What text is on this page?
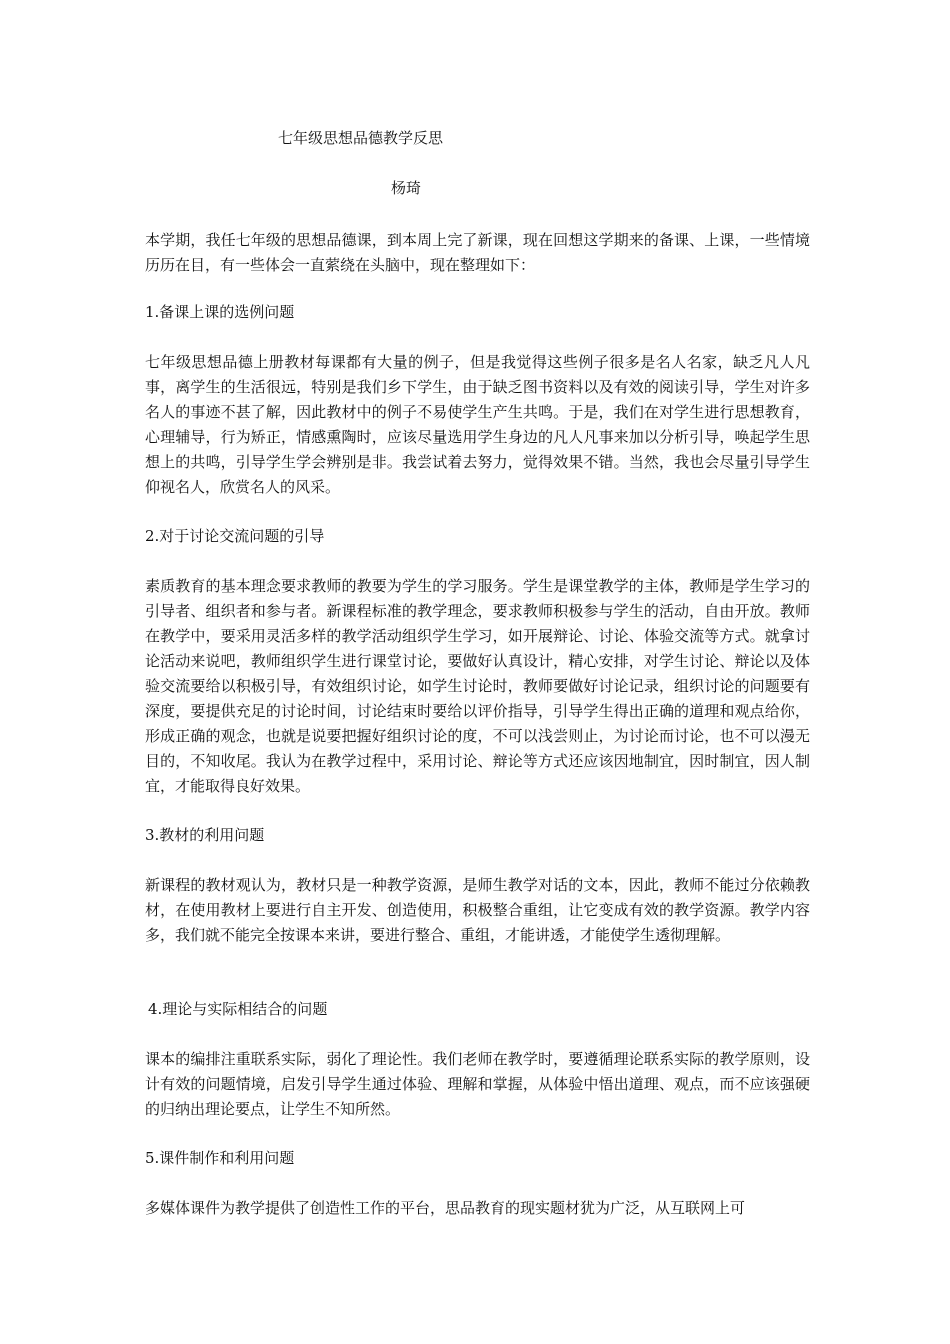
七年级思想品德教学反思
杨琦

本学期，我任七年级的思想品德课，到本周上完了新课，现在回想这学期来的备课、上课，一些情境历历在目，有一些体会一直萦绕在头脑中，现在整理如下：

1.备课上课的选例问题

七年级思想品德上册教材每课都有大量的例子，但是我觉得这些例子很多是名人名家，缺乏凡人凡事，离学生的生活很远，特别是我们乡下学生，由于缺乏图书资料以及有效的阅读引导，学生对许多名人的事迹不甚了解，因此教材中的例子不易使学生产生共鸣。于是，我们在对学生进行思想教育，心理辅导，行为矫正，情感熏陶时，应该尽量选用学生身边的凡人凡事来加以分析引导，唤起学生思想上的共鸣，引导学生学会辨别是非。我尝试着去努力，觉得效果不错。当然，我也会尽量引导学生仰视名人，欣赏名人的风采。

2.对于讨论交流问题的引导

素质教育的基本理念要求教师的教要为学生的学习服务。学生是课堂教学的主体，教师是学生学习的引导者、组织者和参与者。新课程标准的教学理念，要求教师积极参与学生的活动，自由开放。教师在教学中，要采用灵活多样的教学活动组织学生学习，如开展辩论、讨论、体验交流等方式。就拿讨论活动来说吧，教师组织学生进行课堂讨论，要做好认真设计，精心安排，对学生讨论、辩论以及体验交流要给以积极引导，有效组织讨论，如学生讨论时，教师要做好讨论记录，组织讨论的问题要有深度，要提供充足的讨论时间，讨论结束时要给以评价指导，引导学生得出正确的道理和观点给你，形成正确的观念，也就是说要把握好组织讨论的度，不可以浅尝则止，为讨论而讨论，也不可以漫无目的，不知收尾。我认为在教学过程中，采用讨论、辩论等方式还应该因地制宜，因时制宜，因人制宜，才能取得良好效果。

3.教材的利用问题

新课程的教材观认为，教材只是一种教学资源，是师生教学对话的文本，因此，教师不能过分依赖教材，在使用教材上要进行自主开发、创造使用，积极整合重组，让它变成有效的教学资源。教学内容多，我们就不能完全按课本来讲，要进行整合、重组，才能讲透，才能使学生透彻理解。

4.理论与实际相结合的问题

课本的编排注重联系实际，弱化了理论性。我们老师在教学时，要遵循理论联系实际的教学原则，设计有效的问题情境，启发引导学生通过体验、理解和掌握，从体验中悟出道理、观点，而不应该强硬的归纳出理论要点，让学生不知所然。

5.课件制作和利用问题

多媒体课件为教学提供了创造性工作的平台，思品教育的现实题材犹为广泛，从互联网上可
